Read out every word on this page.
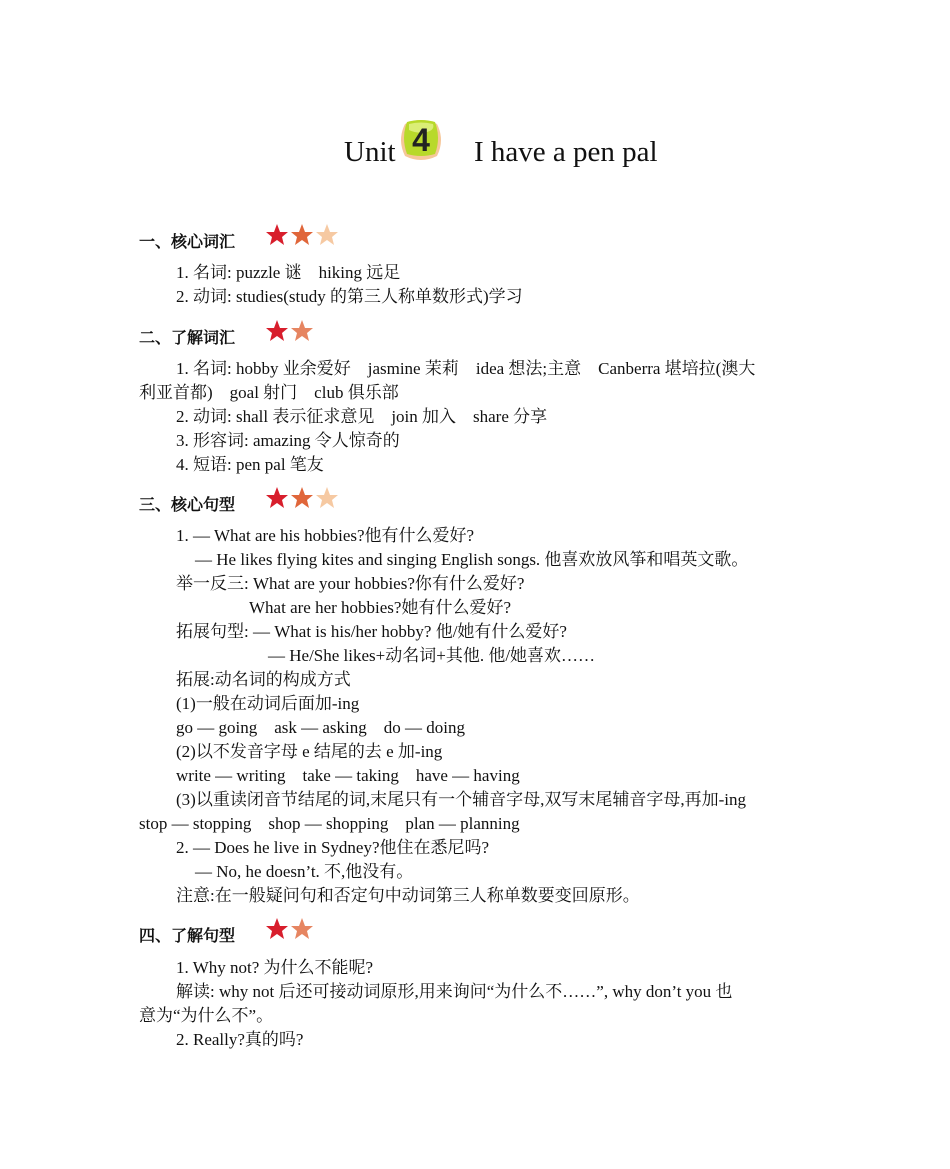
Unit 4 I have a pen pal
一、核心词汇
1. 名词: puzzle 谜　hiking 远足
2. 动词: studies(study 的第三人称单数形式)学习
二、了解词汇
1. 名词: hobby 业余爱好　jasmine 茉莉　idea 想法;主意　Canberra 堪培拉(澳大
利亚首都)　goal 射门　club 俱乐部
2. 动词: shall 表示征求意见　join 加入　share 分享
3. 形容词: amazing 令人惊奇的
4. 短语: pen pal 笔友
三、核心句型
1. — What are his hobbies?他有什么爱好?
— He likes flying kites and singing English songs. 他喜欢放风筝和唱英文歌。
举一反三: What are your hobbies?你有什么爱好?
What are her hobbies?她有什么爱好?
拓展句型: — What is his/her hobby? 他/她有什么爱好?
— He/She likes+动名词+其他. 他/她喜欢……
拓展:动名词的构成方式
(1)一般在动词后面加-ing
go — going　ask — asking　do — doing
(2)以不发音字母 e 结尾的去 e 加-ing
write — writing　take — taking　have — having
(3)以重读闭音节结尾的词,末尾只有一个辅音字母,双写末尾辅音字母,再加-ing
stop — stopping　shop — shopping　plan — planning
2. — Does he live in Sydney?他住在悉尼吗?
— No, he doesn’t. 不,他没有。
注意:在一般疑问句和否定句中动词第三人称单数要变回原形。
四、了解句型
1. Why not? 为什么不能呢?
解读: why not 后还可接动词原形,用来询问“为什么不……”, why don’t you 也
意为“为什么不”。
2. Really?真的吗?
